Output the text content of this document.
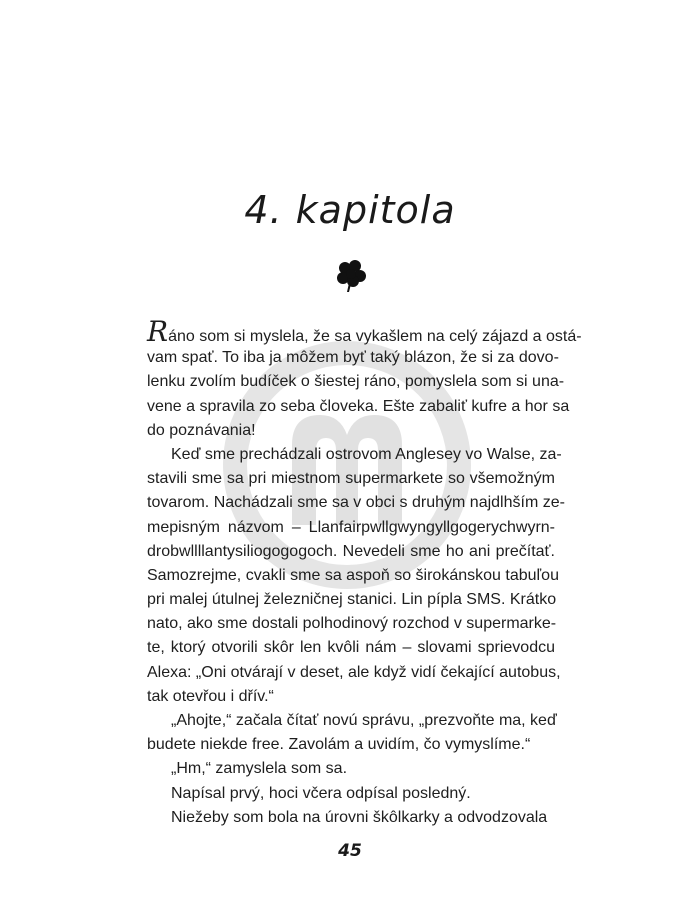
4. kapitola
Ráno som si myslela, že sa vykašlem na celý zájazd a ostá-
vam spať. To iba ja môžem byť taký blázon, že si za dovo-
lenku zvolím budíček o šiestej ráno, pomyslela som si una-
vene a spravila zo seba človeka. Ešte zabaliť kufre a hor sa
do poznávania!
Keď sme prechádzali ostrovom Anglesey vo Walse, za-
stavili sme sa pri miestnom supermarkete so všemožným
tovarom. Nachádzali sme sa v obci s druhým najdlhším ze-
mepisným názvom – Llanfairpwllgwyngyllgogerychwyrn-
drobwllllantysiliogogogoch. Nevedeli sme ho ani prečítať.
Samozrejme, cvakli sme sa aspoň so širokánskou tabuľou
pri malej útulnej železničnej stanici. Lin pípla SMS. Krátko
nato, ako sme dostali polhodinový rozchod v supermarke-
te, ktorý otvorili skôr len kvôli nám – slovami sprievodcu
Alexa: „Oni otvárají v deset, ale když vidí čekající autobus,
tak otevřou i dřív.“
„Ahojte,“ začala čítať novú správu, „prezvoňte ma, keď
budete niekde free. Zavolám a uvidím, čo vymyslíme.“
„Hm,“ zamyslela som sa.
Napísal prvý, hoci včera odpísal posledný.
Niežeby som bola na úrovni škôlkarky a odvodzovala
45
